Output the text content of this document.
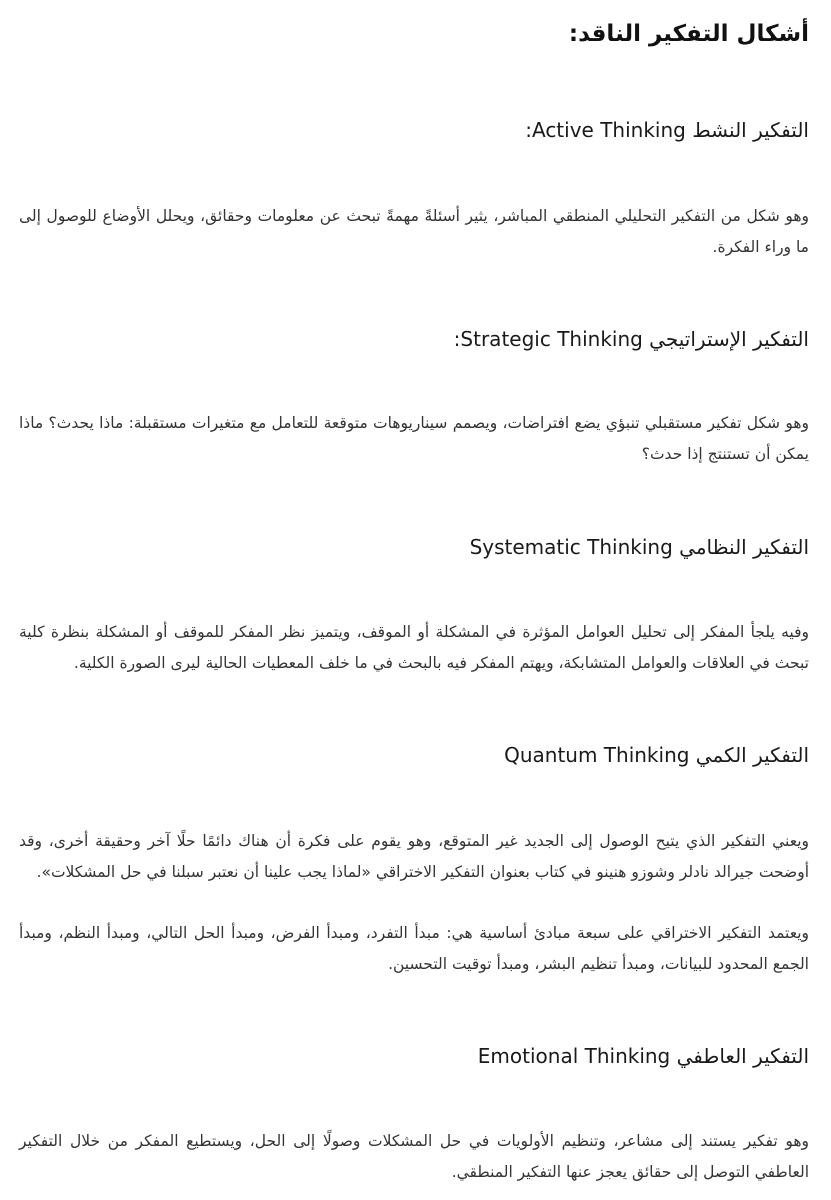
أشكال التفكير الناقد:
التفكير النشط Active Thinking:

وهو شكل من التفكير التحليلي المنطقي المباشر، يثير أسئلةً مهمةً تبحث عن معلومات وحقائق، ويحلل الأوضاع للوصول إلى ما وراء الفكرة.

التفكير الإستراتيجي Strategic Thinking:

وهو شكل تفكير مستقبلي تنبؤي يضع افتراضات، ويصمم سيناريوهات متوقعة للتعامل مع متغيرات مستقبلة: ماذا يحدث؟ ماذا يمكن أن تستنتج إذا حدث؟

التفكير النظامي Systematic Thinking

وفيه يلجأ المفكر إلى تحليل العوامل المؤثرة في المشكلة أو الموقف، ويتميز نظر المفكر للموقف أو المشكلة بنظرة كلية تبحث في العلاقات والعوامل المتشابكة، ويهتم المفكر فيه بالبحث في ما خلف المعطيات الحالية ليرى الصورة الكلية.

التفكير الكمي Quantum Thinking

ويعني التفكير الذي يتيح الوصول إلى الجديد غير المتوقع، وهو يقوم على فكرة أن هناك دائمًا حلًا آخر وحقيقة أخرى، وقد أوضحت جيرالد نادلر وشوزو هنينو في كتاب بعنوان التفكير الاختراقي «لماذا يجب علينا أن نعتبر سبلنا في حل المشكلات».

ويعتمد التفكير الاختراقي على سبعة مبادئ أساسية هي: مبدأ التفرد، ومبدأ الفرض، ومبدأ الحل التالي، ومبدأ النظم، ومبدأ الجمع المحدود للبيانات، ومبدأ تنظيم البشر، ومبدأ توقيت التحسين.

التفكير العاطفي Emotional Thinking

وهو تفكير يستند إلى مشاعر، وتنظيم الأولويات في حل المشكلات وصولًا إلى الحل، ويستطيع المفكر من خلال التفكير العاطفي التوصل إلى حقائق يعجز عنها التفكير المنطقي.
